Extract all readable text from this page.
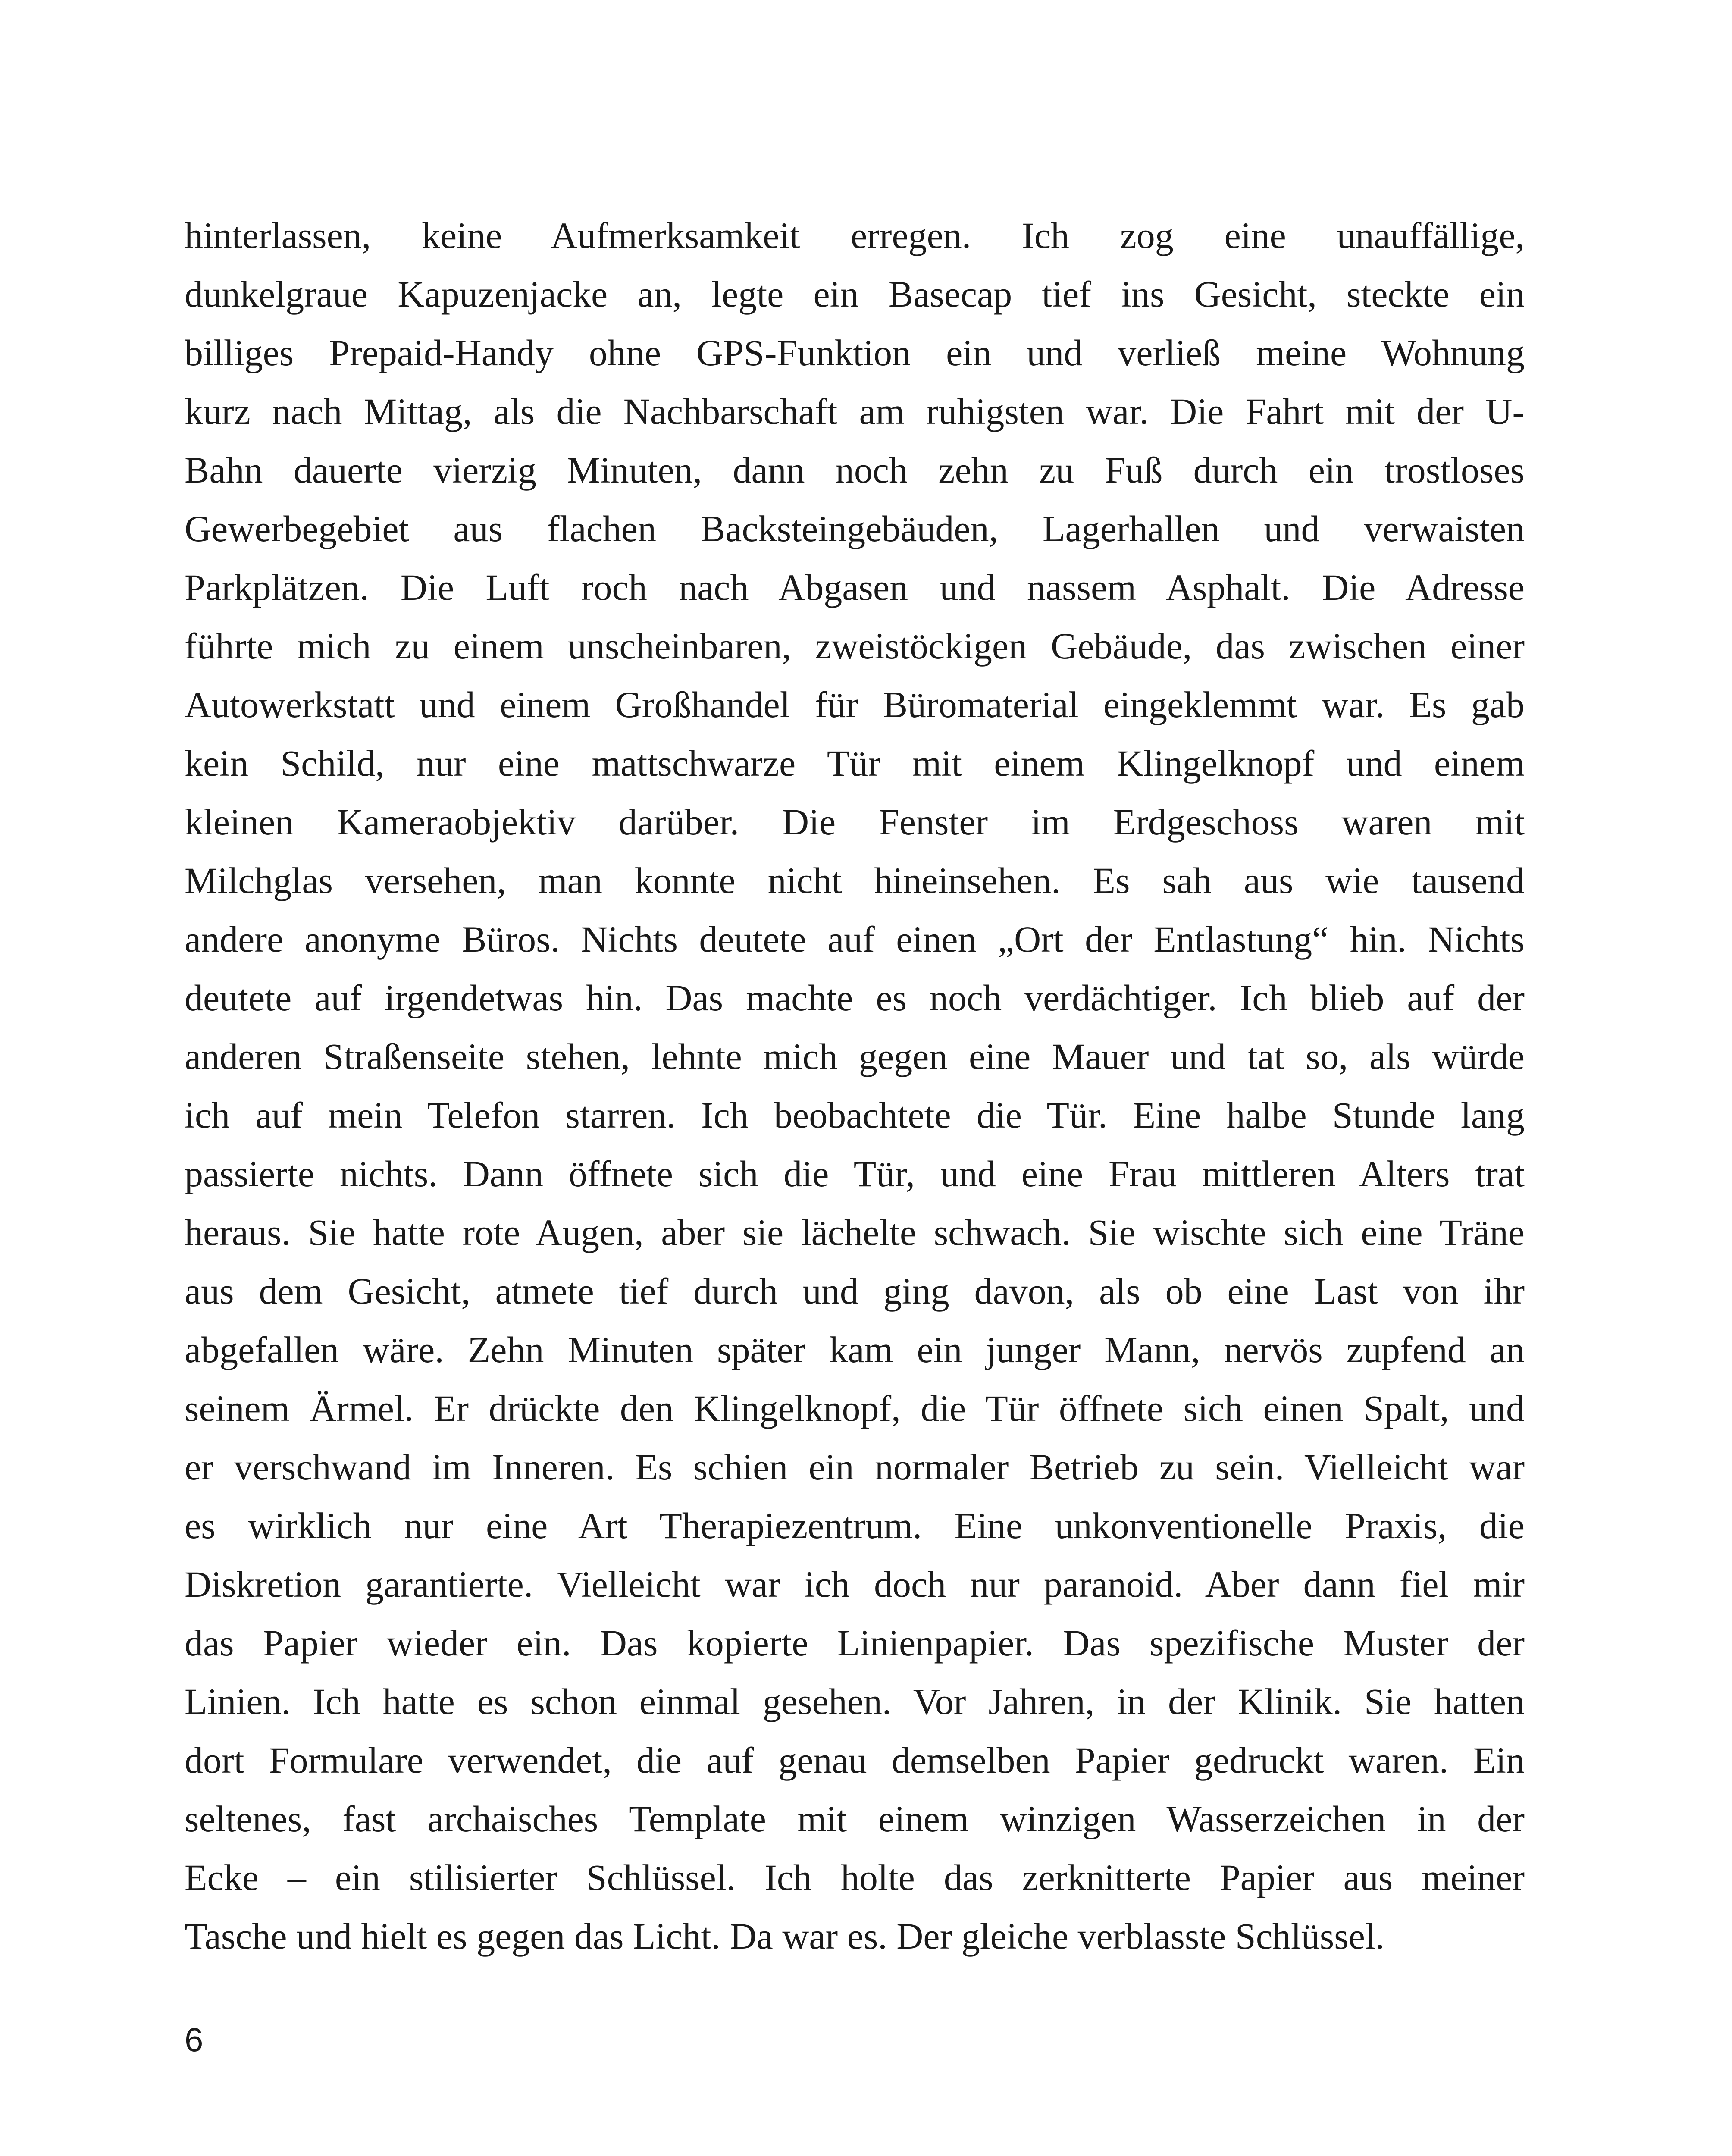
hinterlassen, keine Aufmerksamkeit erregen. Ich zog eine unauffällige,
dunkelgraue Kapuzenjacke an, legte ein Basecap tief ins Gesicht, steckte ein
billiges Prepaid-Handy ohne GPS-Funktion ein und verließ meine Wohnung
kurz nach Mittag, als die Nachbarschaft am ruhigsten war. Die Fahrt mit der U-
Bahn dauerte vierzig Minuten, dann noch zehn zu Fuß durch ein trostloses
Gewerbegebiet aus flachen Backsteingebäuden, Lagerhallen und verwaisten
Parkplätzen. Die Luft roch nach Abgasen und nassem Asphalt. Die Adresse
führte mich zu einem unscheinbaren, zweistöckigen Gebäude, das zwischen einer
Autowerkstatt und einem Großhandel für Büromaterial eingeklemmt war. Es gab
kein Schild, nur eine mattschwarze Tür mit einem Klingelknopf und einem
kleinen Kameraobjektiv darüber. Die Fenster im Erdgeschoss waren mit
Milchglas versehen, man konnte nicht hineinsehen. Es sah aus wie tausend
andere anonyme Büros. Nichts deutete auf einen „Ort der Entlastung“ hin. Nichts
deutete auf irgendetwas hin. Das machte es noch verdächtiger. Ich blieb auf der
anderen Straßenseite stehen, lehnte mich gegen eine Mauer und tat so, als würde
ich auf mein Telefon starren. Ich beobachtete die Tür. Eine halbe Stunde lang
passierte nichts. Dann öffnete sich die Tür, und eine Frau mittleren Alters trat
heraus. Sie hatte rote Augen, aber sie lächelte schwach. Sie wischte sich eine Träne
aus dem Gesicht, atmete tief durch und ging davon, als ob eine Last von ihr
abgefallen wäre. Zehn Minuten später kam ein junger Mann, nervös zupfend an
seinem Ärmel. Er drückte den Klingelknopf, die Tür öffnete sich einen Spalt, und
er verschwand im Inneren. Es schien ein normaler Betrieb zu sein. Vielleicht war
es wirklich nur eine Art Therapiezentrum. Eine unkonventionelle Praxis, die
Diskretion garantierte. Vielleicht war ich doch nur paranoid. Aber dann fiel mir
das Papier wieder ein. Das kopierte Linienpapier. Das spezifische Muster der
Linien. Ich hatte es schon einmal gesehen. Vor Jahren, in der Klinik. Sie hatten
dort Formulare verwendet, die auf genau demselben Papier gedruckt waren. Ein
seltenes, fast archaisches Template mit einem winzigen Wasserzeichen in der
Ecke – ein stilisierter Schlüssel. Ich holte das zerknitterte Papier aus meiner
Tasche und hielt es gegen das Licht. Da war es. Der gleiche verblasste Schlüssel.
6
